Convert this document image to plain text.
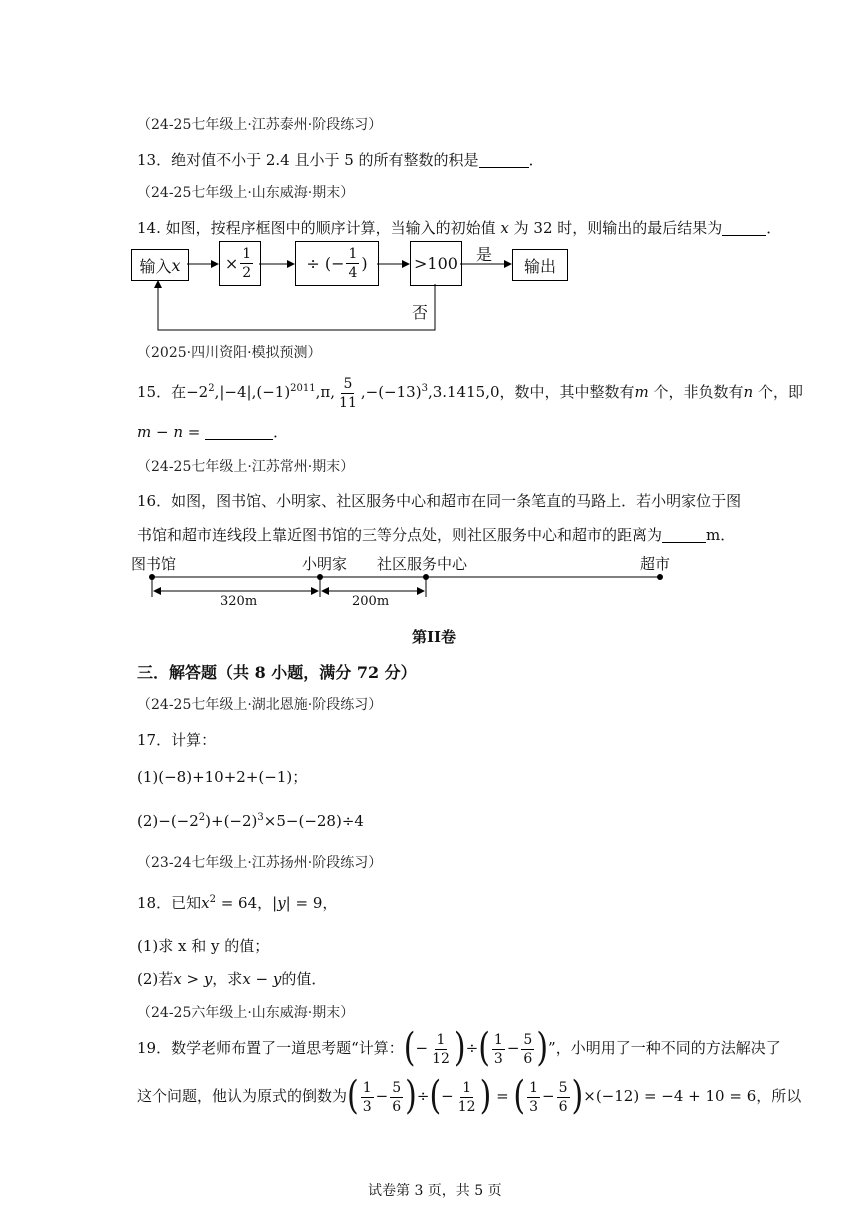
（24-25七年级上·江苏泰州·阶段练习）
13．绝对值不小于 2.4 且小于 5 的所有整数的积是	．
（24-25七年级上·山东威海·期末）
14. 如图，按程序框图中的顺序计算，当输入的初始值 x 为 32 时，则输出的最后结果为	．
输入 x	× $\frac{1}{2}$	÷ ( − $\frac{1}{4}$ )	>100	输出
是
否
（2025·四川资阳·模拟预测）
15．在$-2^2,|-4|,(-1)^{2011},\pi$, $\frac{5}{11} ,-(-13)^3,3.1415,0$，数中，其中整数有m 个，非负数有n 个，即
m − n =	．
（24-25七年级上·江苏常州·期末）
16．如图，图书馆、小明家、社区服务中心和超市在同一条笔直的马路上．若小明家位于图
书馆和超市连线段上靠近图书馆的三等分点处，则社区服务中心和超市的距离为	m．
图书馆	小明家 社区服务中心	超市
320m	200m
第II卷
三．解答题（共 8 小题，满分 72 分）
（24-25七年级上·湖北恩施·阶段练习）
17．计算：
(1)(−8)+10+2+(−1)；
$(2)-(-2^2)+(-2)^3\times 5-(-28)\div 4$
（23-24七年级上·江苏扬州·阶段练习）
18．已知$x^2 = 64$，|y| = 9，
(1)求 x 和 y 的值；
(2)若x > y，求x − y的值．
（24-25六年级上·山东威海·期末）
19．数学老师布置了一道思考题“计算：(− $\frac{1}{12}$ )÷( $\frac{1}{3} - \frac{5}{6}$ )”，小明用了一种不同的方法解决了
这个问题，他认为原式的倒数为( $\frac{1}{3} - \frac{5}{6}$ )÷(− $\frac{1}{12}$ ) = ( $\frac{1}{3} - \frac{5}{6} )\times(-12) = -4 + 10 = 6$，所以
试卷第 3 页，共 5 页
